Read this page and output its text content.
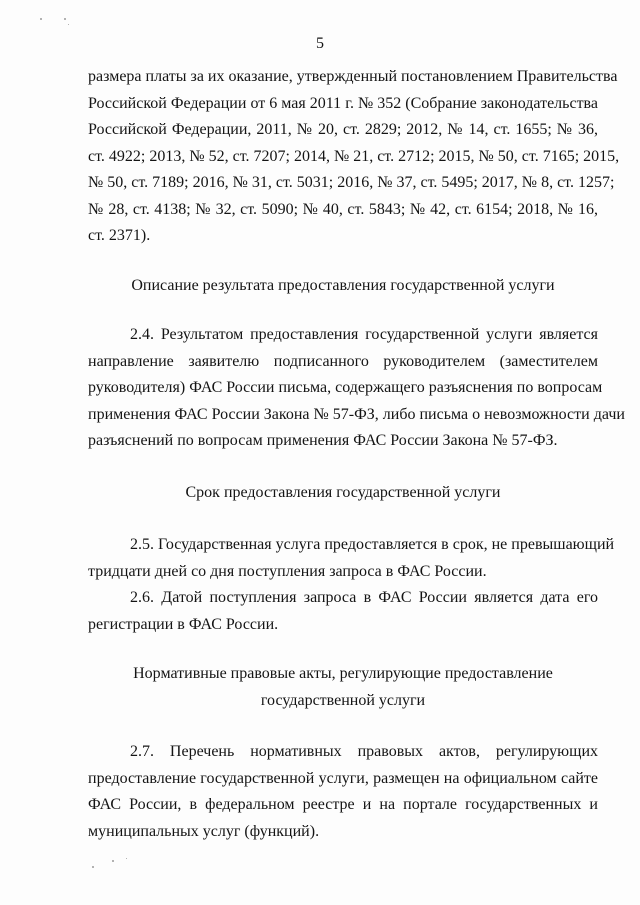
5
размера платы за их оказание, утвержденный постановлением Правительства
Российской Федерации от 6 мая 2011 г. № 352 (Собрание законодательства
Российской Федерации, 2011, № 20, ст. 2829; 2012, № 14, ст. 1655; № 36,
ст. 4922; 2013, № 52, ст. 7207; 2014, № 21, ст. 2712; 2015, № 50, ст. 7165; 2015,
№ 50, ст. 7189; 2016, № 31, ст. 5031; 2016, № 37, ст. 5495; 2017, № 8, ст. 1257;
№ 28, ст. 4138; № 32, ст. 5090; № 40, ст. 5843; № 42, ст. 6154; 2018, № 16,
ст. 2371).
Описание результата предоставления государственной услуги
2.4. Результатом предоставления государственной услуги является
направление заявителю подписанного руководителем (заместителем
руководителя) ФАС России письма, содержащего разъяснения по вопросам
применения ФАС России Закона № 57-ФЗ, либо письма о невозможности дачи
разъяснений по вопросам применения ФАС России Закона № 57-ФЗ.
Срок предоставления государственной услуги
2.5. Государственная услуга предоставляется в срок, не превышающий
тридцати дней со дня поступления запроса в ФАС России.
2.6. Датой поступления запроса в ФАС России является дата его
регистрации в ФАС России.
Нормативные правовые акты, регулирующие предоставление
государственной услуги
2.7. Перечень нормативных правовых актов, регулирующих
предоставление государственной услуги, размещен на официальном сайте
ФАС России, в федеральном реестре и на портале государственных и
муниципальных услуг (функций).
